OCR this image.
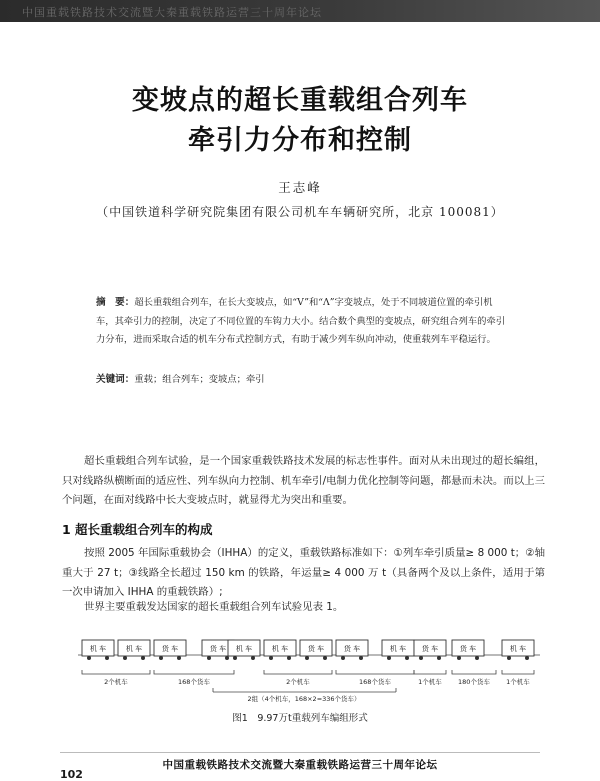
中国重载铁路技术交流暨大秦重载铁路运营三十周年论坛
变坡点的超长重载组合列车
牵引力分布和控制
王志峰
（中国铁道科学研究院集团有限公司机车车辆研究所，北京 100081）
摘　要：超长重载组合列车，在长大变坡点，如“V”和“Λ”字变坡点，处于不同坡道位置的牵引机车，其牵引力的控制，决定了不同位置的车钩力大小。结合数个典型的变坡点，研究组合列车的牵引力分布，进而采取合适的机车分布式控制方式，有助于减少列车纵向冲动，使重载列车平稳运行。
关键词：重载；组合列车；变坡点；牵引
超长重载组合列车试验，是一个国家重载铁路技术发展的标志性事件。面对从未出现过的超长编组，只对线路纵横断面的适应性、列车纵向力控制、机车牵引/电制力优化控制等问题，都悬而未决。而以上三个问题，在面对线路中长大变坡点时，就显得尤为突出和重要。
1 超长重载组合列车的构成
按照 2005 年国际重载协会（IHHA）的定义，重载铁路标准如下：①列车牵引质量≥ 8 000 t；②轴重大于 27 t；③线路全长超过 150 km 的铁路，年运量≥ 4 000 万 t（具备两个及以上条件，适用于第一次申请加入 IHHA 的重载铁路）;
世界主要重载发达国家的超长重载组合列车试验见表 1。
机 车	机 车	货 车	货 车 机 车	机 车	货 车	货 车	机 车 货 车	货 车	机 车
2个机车	168个货车	2个机车	168个货车	1个机车 180个货车 1个机车
2组（4个机车，168×2=336个货车）
图1　9.97万t重载列车编组形式
中国重载铁路技术交流暨大秦重载铁路运营三十周年论坛
102
